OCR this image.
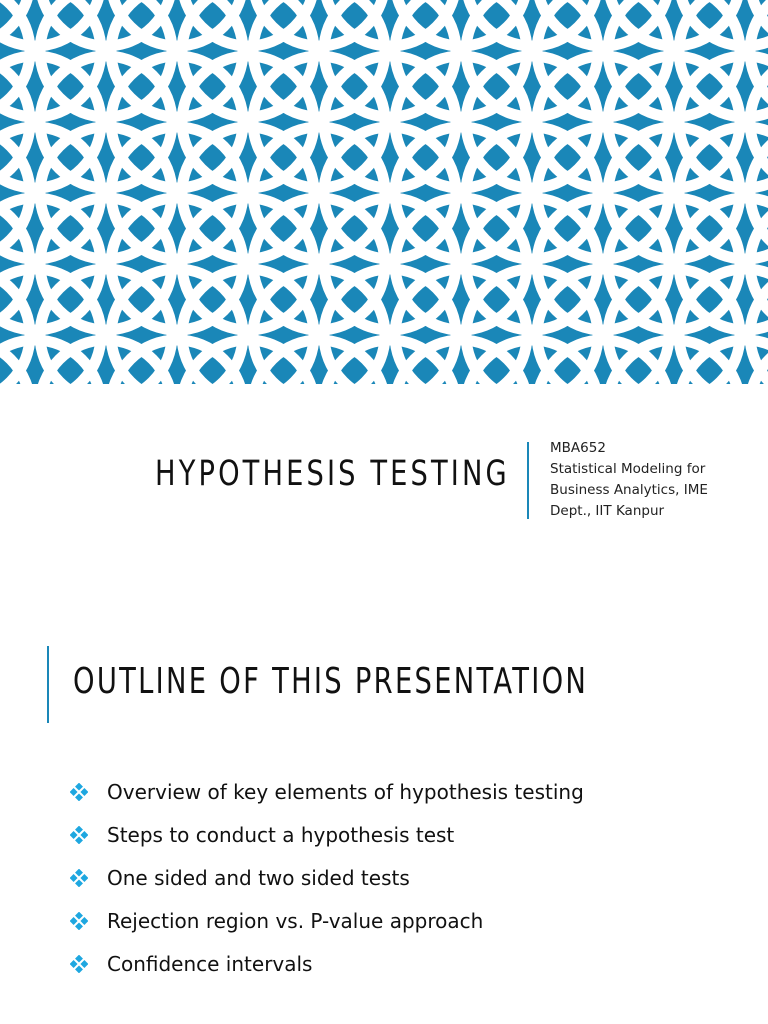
HYPOTHESIS TESTING
MBA652
Statistical Modeling for
Business Analytics, IME
Dept., IIT Kanpur
OUTLINE OF THIS PRESENTATION
Overview of key elements of hypothesis testing
Steps to conduct a hypothesis test
One sided and two sided tests
Rejection region vs. P-value approach
Confidence intervals
